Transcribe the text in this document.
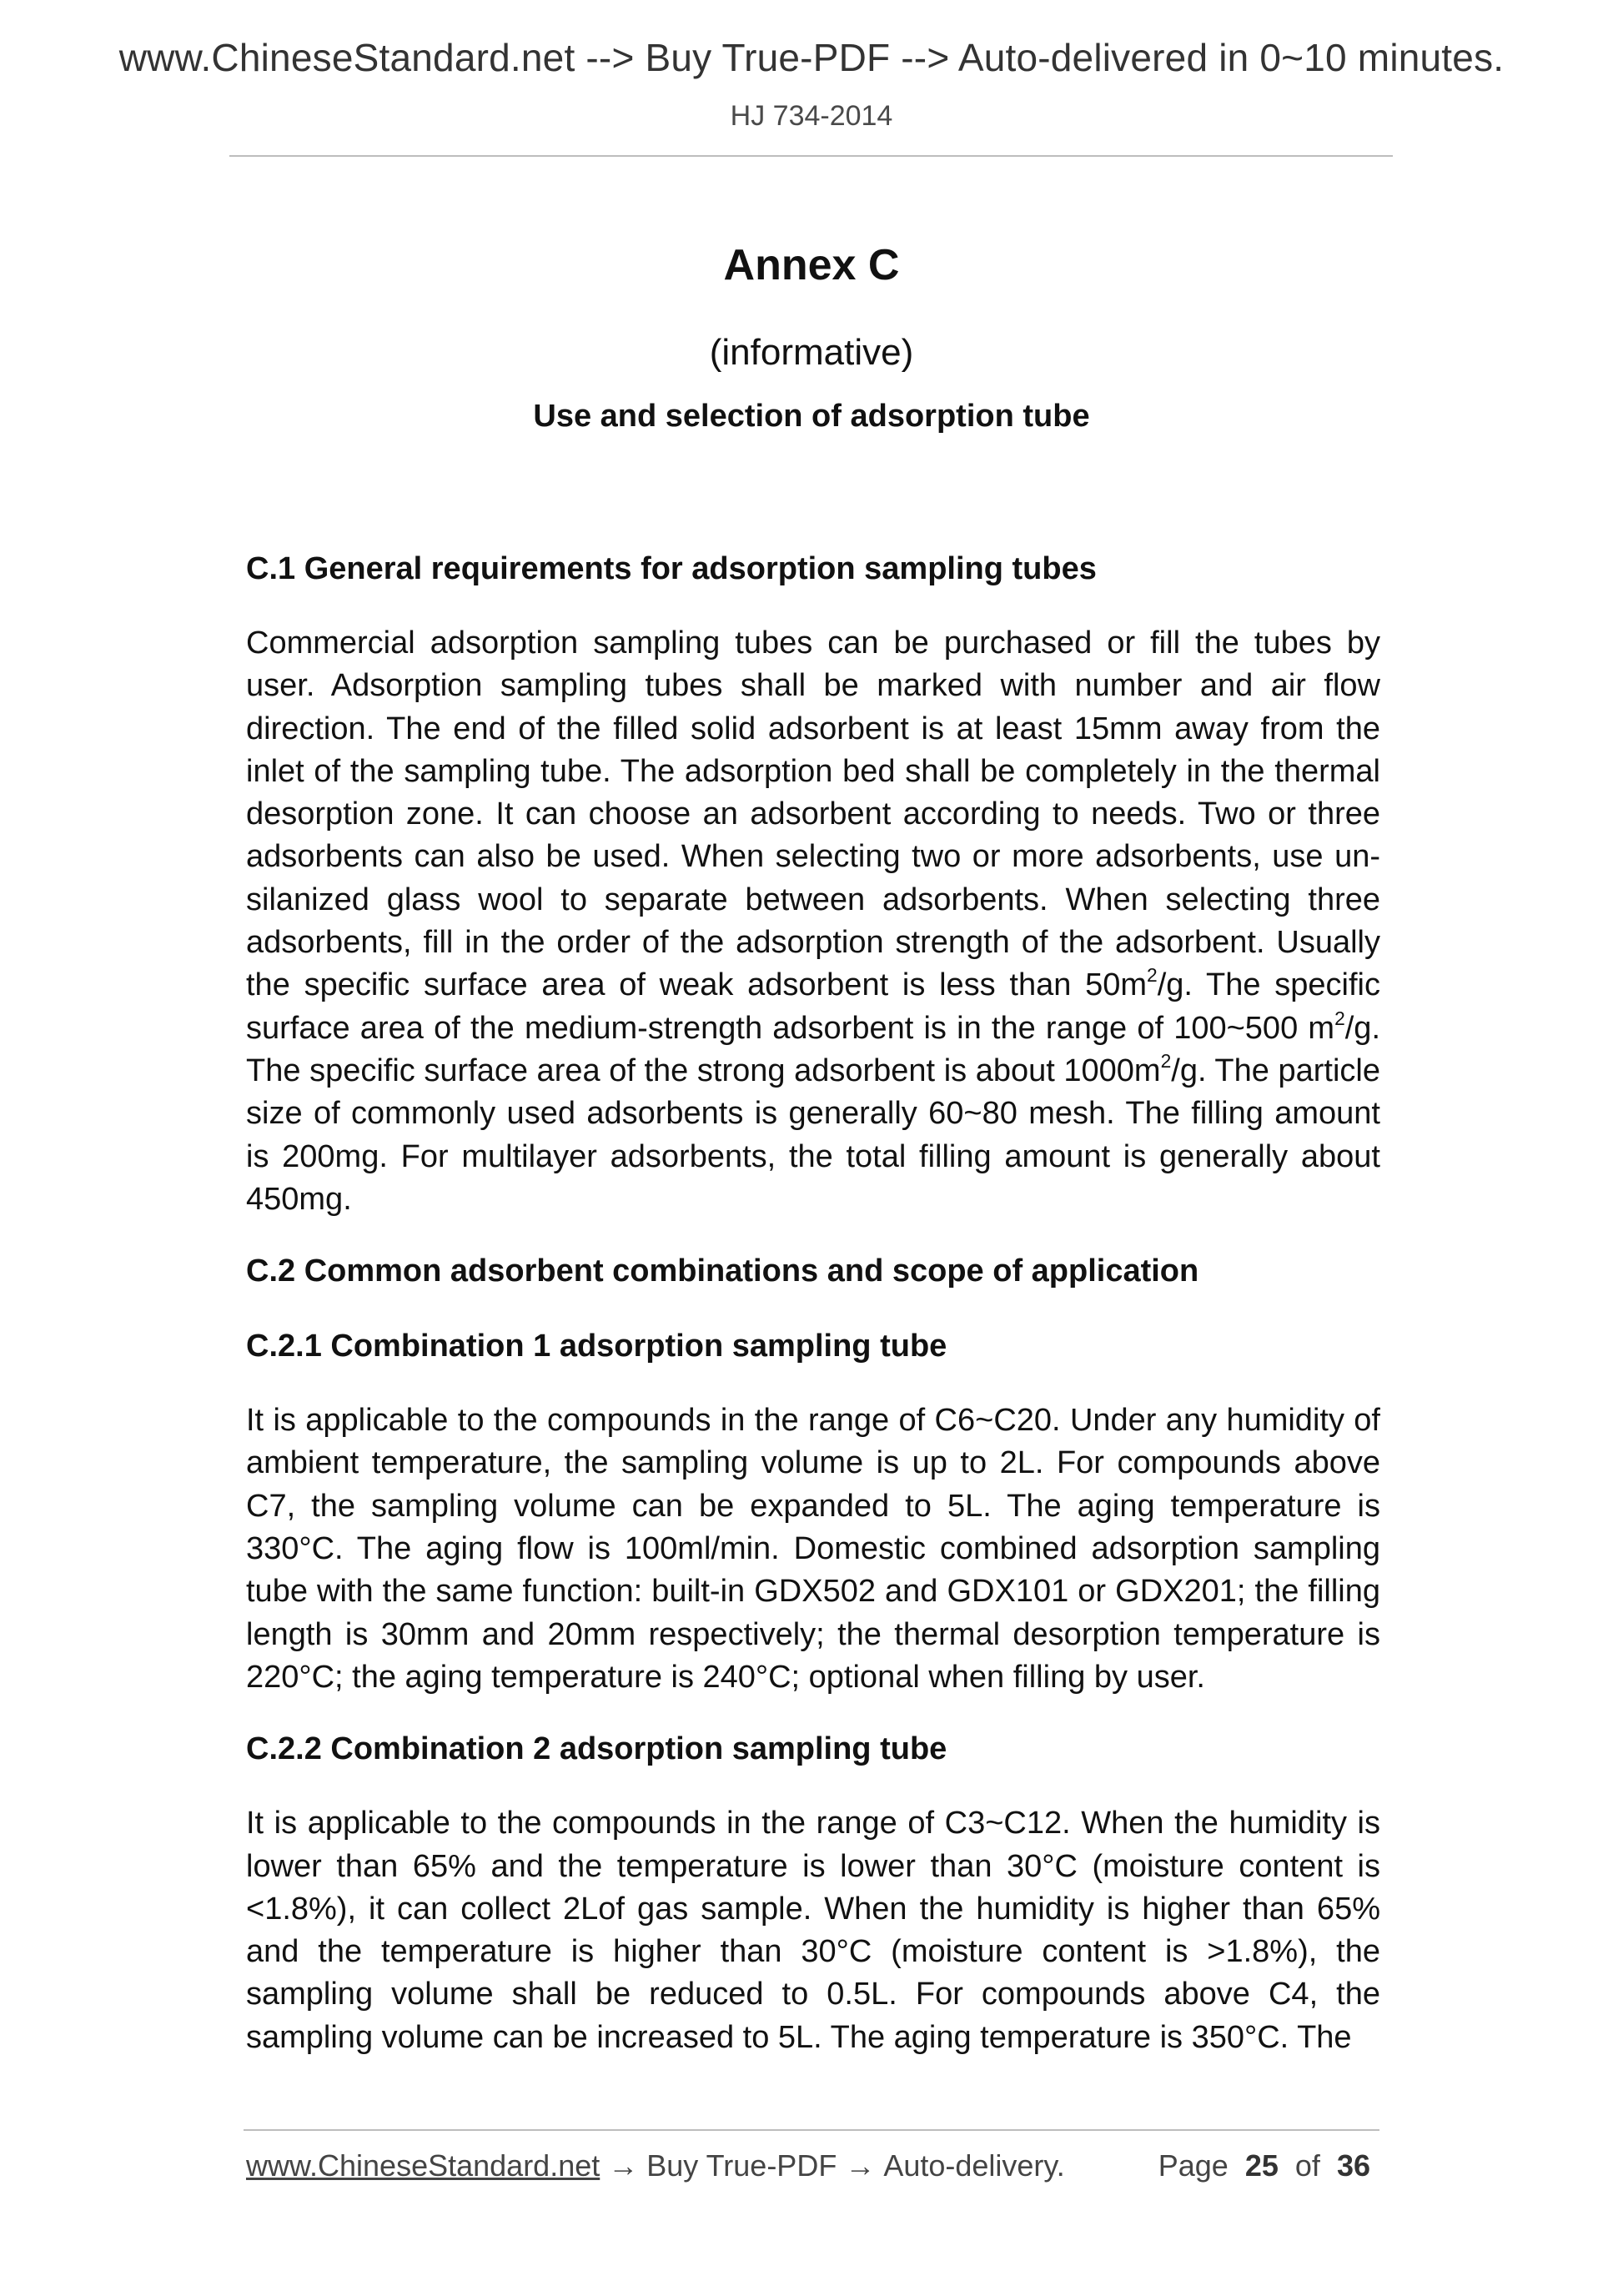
www.ChineseStandard.net --> Buy True-PDF --> Auto-delivered in 0~10 minutes.
HJ 734-2014
Annex C
(informative)
Use and selection of adsorption tube

C.1 General requirements for adsorption sampling tubes

Commercial adsorption sampling tubes can be purchased or fill the tubes by user. Adsorption sampling tubes shall be marked with number and air flow direction. The end of the filled solid adsorbent is at least 15mm away from the inlet of the sampling tube. The adsorption bed shall be completely in the thermal desorption zone. It can choose an adsorbent according to needs. Two or three adsorbents can also be used. When selecting two or more adsorbents, use un-silanized glass wool to separate between adsorbents. When selecting three adsorbents, fill in the order of the adsorption strength of the adsorbent. Usually the specific surface area of weak adsorbent is less than $50m^2/g$. The specific surface area of the medium-strength adsorbent is in the range of 100~500 $m^2/g$. The specific surface area of the strong adsorbent is about $1000m^2/g$. The particle size of commonly used adsorbents is generally 60~80 mesh. The filling amount is 200mg. For multilayer adsorbents, the total filling amount is generally about 450mg.

C.2 Common adsorbent combinations and scope of application

C.2.1 Combination 1 adsorption sampling tube

It is applicable to the compounds in the range of C6~C20. Under any humidity of ambient temperature, the sampling volume is up to 2L. For compounds above C7, the sampling volume can be expanded to 5L. The aging temperature is 330°C. The aging flow is 100ml/min. Domestic combined adsorption sampling tube with the same function: built-in GDX502 and GDX101 or GDX201; the filling length is 30mm and 20mm respectively; the thermal desorption temperature is 220°C; the aging temperature is 240°C; optional when filling by user.

C.2.2 Combination 2 adsorption sampling tube

It is applicable to the compounds in the range of C3~C12. When the humidity is lower than 65% and the temperature is lower than 30°C (moisture content is <1.8%), it can collect 2Lof gas sample. When the humidity is higher than 65% and the temperature is higher than 30°C (moisture content is >1.8%), the sampling volume shall be reduced to 0.5L. For compounds above C4, the sampling volume can be increased to 5L. The aging temperature is 350°C. The

www.ChineseStandard.net → Buy True-PDF → Auto-delivery.	Page 25 of 36
